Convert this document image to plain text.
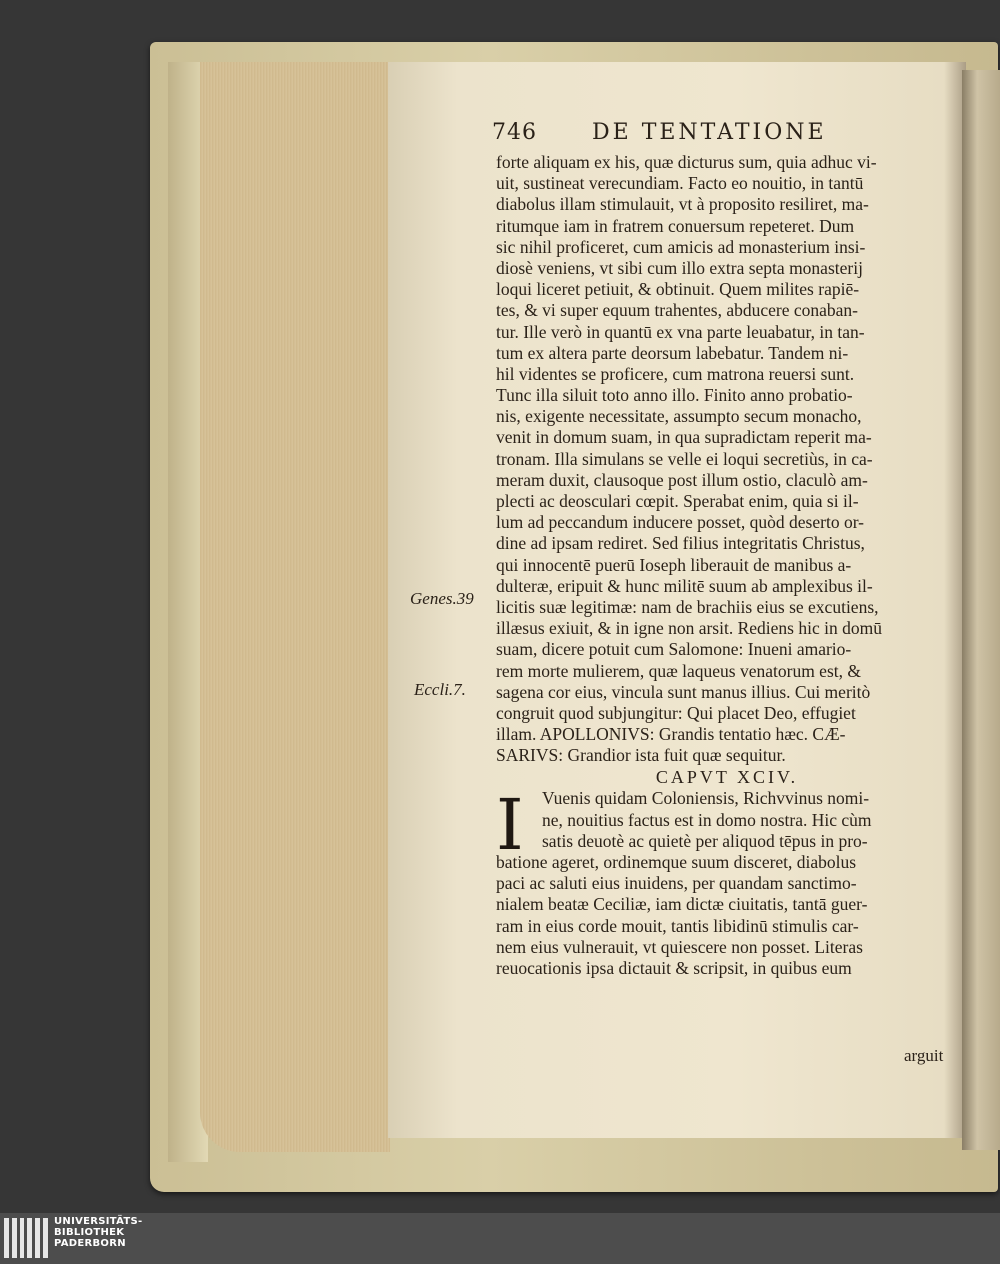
746	DE TENTATIONE
Genes.39
Eccli.7.
forte aliquam ex his, quæ dicturus sum, quia adhuc vi-
uit, sustineat verecundiam. Facto eo nouitio, in tantū
diabolus illam stimulauit, vt à proposito resiliret, ma-
ritumque iam in fratrem conuersum repeteret. Dum
sic nihil proficeret, cum amicis ad monasterium insi-
diosè veniens, vt sibi cum illo extra septa monasterij
loqui liceret petiuit, & obtinuit. Quem milites rapiē-
tes, & vi super equum trahentes, abducere conaban-
tur. Ille verò in quantū ex vna parte leuabatur, in tan-
tum ex altera parte deorsum labebatur. Tandem ni-
hil videntes se proficere, cum matrona reuersi sunt.
Tunc illa siluit toto anno illo. Finito anno probatio-
nis, exigente necessitate, assumpto secum monacho,
venit in domum suam, in qua supradictam reperit ma-
tronam. Illa simulans se velle ei loqui secretiùs, in ca-
meram duxit, clausoque post illum ostio, claculò am-
plecti ac deosculari cœpit. Sperabat enim, quia si il-
lum ad peccandum inducere posset, quòd deserto or-
dine ad ipsam rediret. Sed filius integritatis Christus,
qui innocentē puerū Ioseph liberauit de manibus a-
dulteræ, eripuit & hunc militē suum ab amplexibus il-
licitis suæ legitimæ: nam de brachiis eius se excutiens,
illæsus exiuit, & in igne non arsit. Rediens hic in domū
suam, dicere potuit cum Salomone: Inueni amario-
rem morte mulierem, quæ laqueus venatorum est, &
sagena cor eius, vincula sunt manus illius. Cui meritò
congruit quod subjungitur: Qui placet Deo, effugiet
illam. APOLLONIVS: Grandis tentatio hæc. CÆ-
SARIVS: Grandior ista fuit quæ sequitur.
CAPVT XCIV.
I	Vuenis quidam Coloniensis, Richvvinus nomi-
ne, nouitius factus est in domo nostra. Hic cùm
satis deuotè ac quietè per aliquod tēpus in pro-
batione ageret, ordinemque suum disceret, diabolus
paci ac saluti eius inuidens, per quandam sanctimo-
nialem beatæ Ceciliæ, iam dictæ ciuitatis, tantā guer-
ram in eius corde mouit, tantis libidinū stimulis car-
nem eius vulnerauit, vt quiescere non posset. Literas
reuocationis ipsa dictauit & scripsit, in quibus eum
arguit
UNIVERSITÄTS-
BIBLIOTHEK
PADERBORN
